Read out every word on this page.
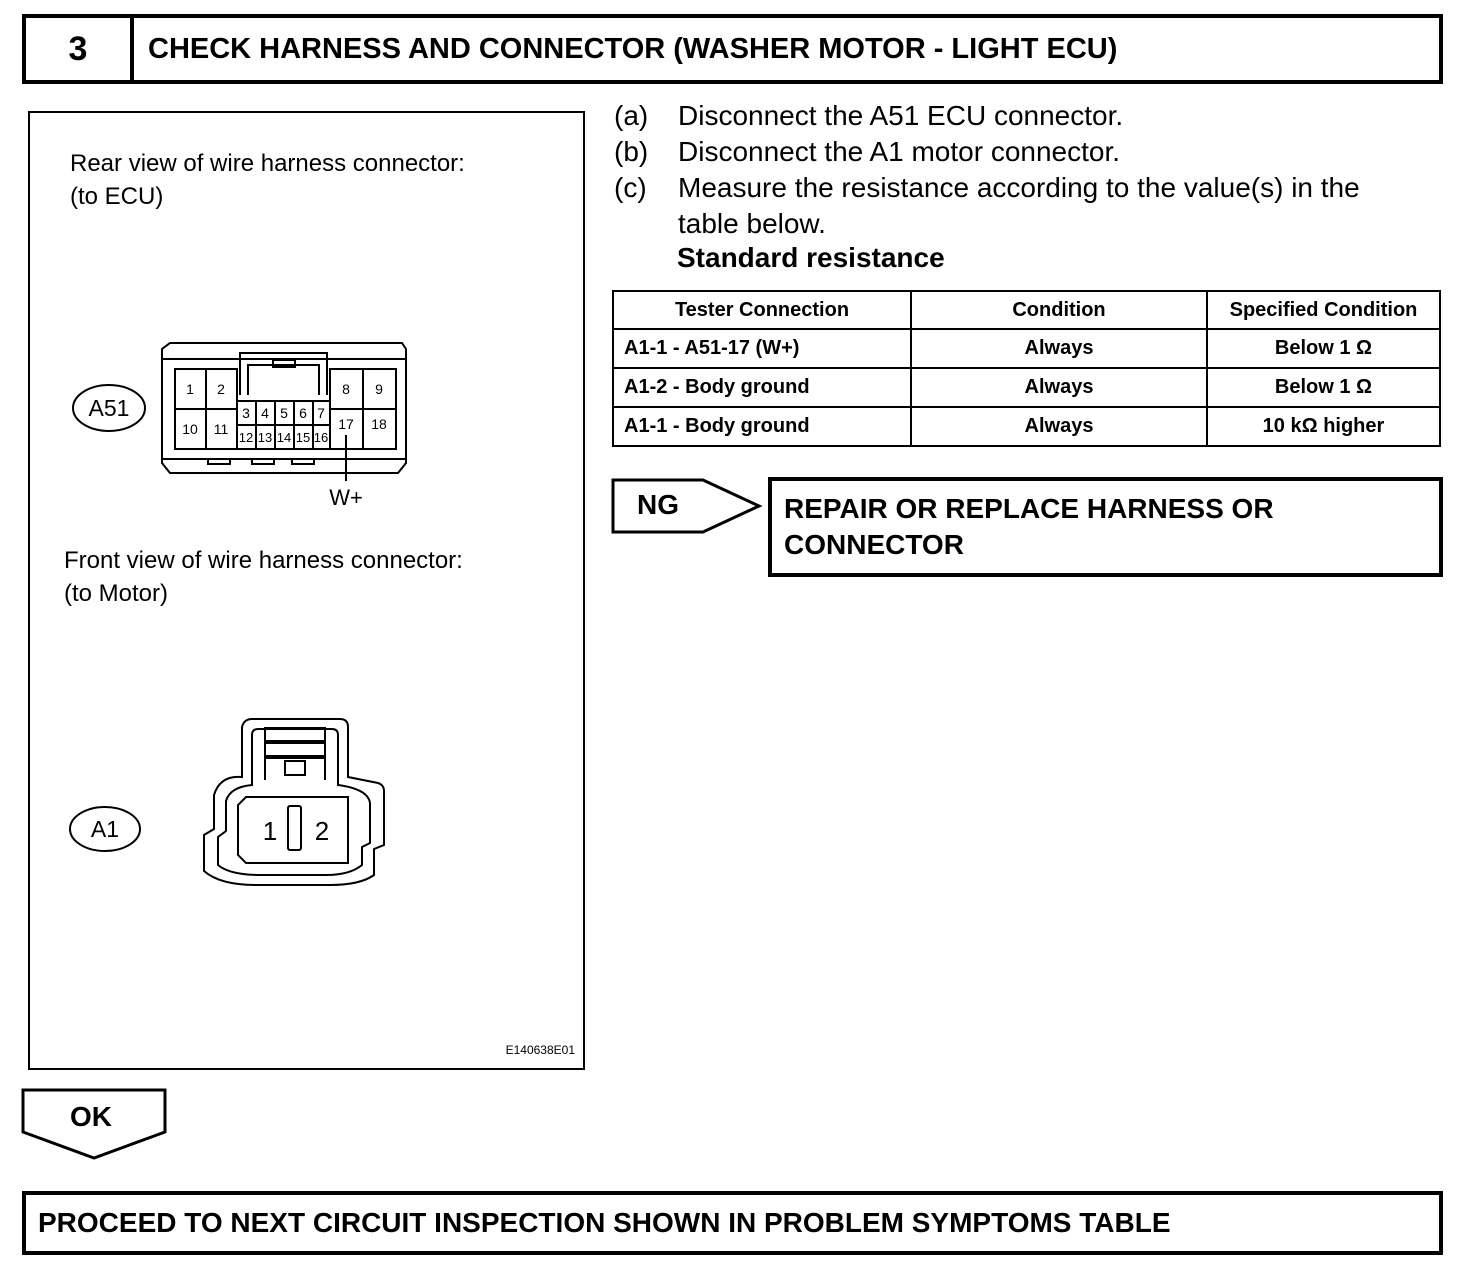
3	CHECK HARNESS AND CONNECTOR (WASHER MOTOR - LIGHT ECU)
Rear view of wire harness connector:
(to ECU)
A51
1 2	8 9
10 11
3 4 5 6 7
17 18
12 13 14 15 16
W+
A1	1 2
Front view of wire harness connector:
(to Motor)
E140638E01
(a) Disconnect the A51 ECU connector.
(b) Disconnect the A1 motor connector.
(c) Measure the resistance according to the value(s) in the
table below.
Standard resistance
Tester Connection	Condition	Specified Condition
A1-1 - A51-17 (W+)	Always	Below 1 Ω
A1-2 - Body ground	Always	Below 1 Ω
A1-1 - Body ground	Always	10 kΩ higher
NG	REPAIR OR REPLACE HARNESS OR
CONNECTOR
OK
PROCEED TO NEXT CIRCUIT INSPECTION SHOWN IN PROBLEM SYMPTOMS TABLE
